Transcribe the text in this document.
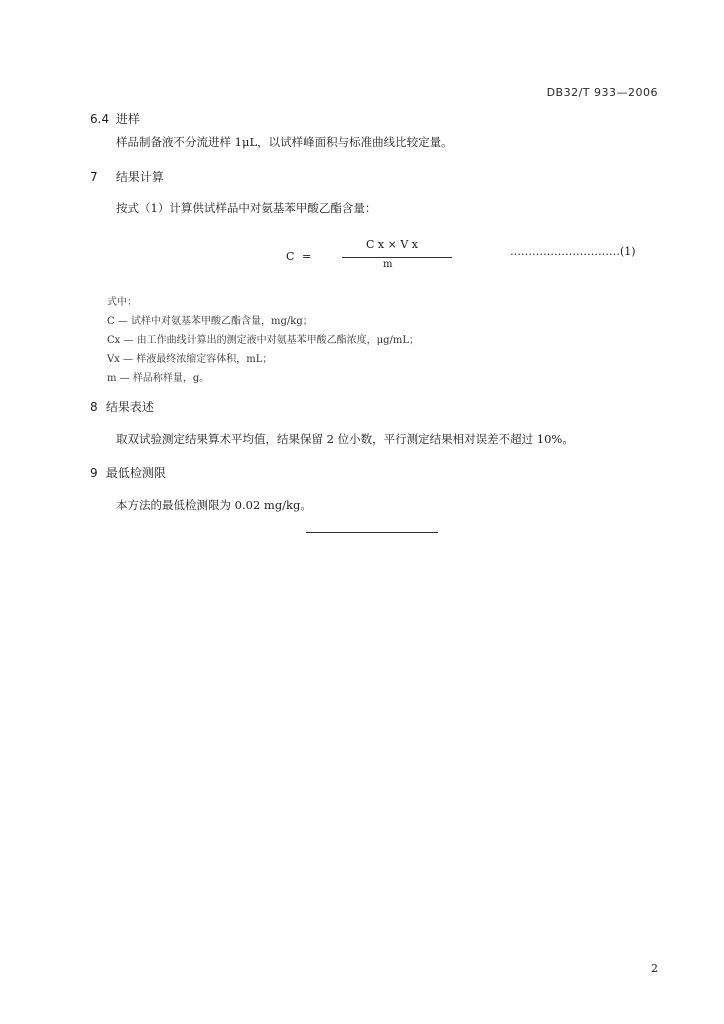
DB32/T 933—2006
6.4 进样
样品制备液不分流进样 1μL，以试样峰面积与标准曲线比较定量。
7 结果计算
按式（1）计算供试样品中对氨基苯甲酸乙酯含量：
C =
C x × V x
m
…………………………(1)
式中：
C — 试样中对氨基苯甲酸乙酯含量，mg/kg；
Cx — 由工作曲线计算出的测定液中对氨基苯甲酸乙酯浓度，μg/mL；
Vx — 样液最终浓缩定容体积，mL；
m — 样品称样量，g。
8 结果表述
取双试验测定结果算术平均值，结果保留 2 位小数，平行测定结果相对误差不超过 10%。
9 最低检测限
本方法的最低检测限为 0.02 mg/kg。
2
